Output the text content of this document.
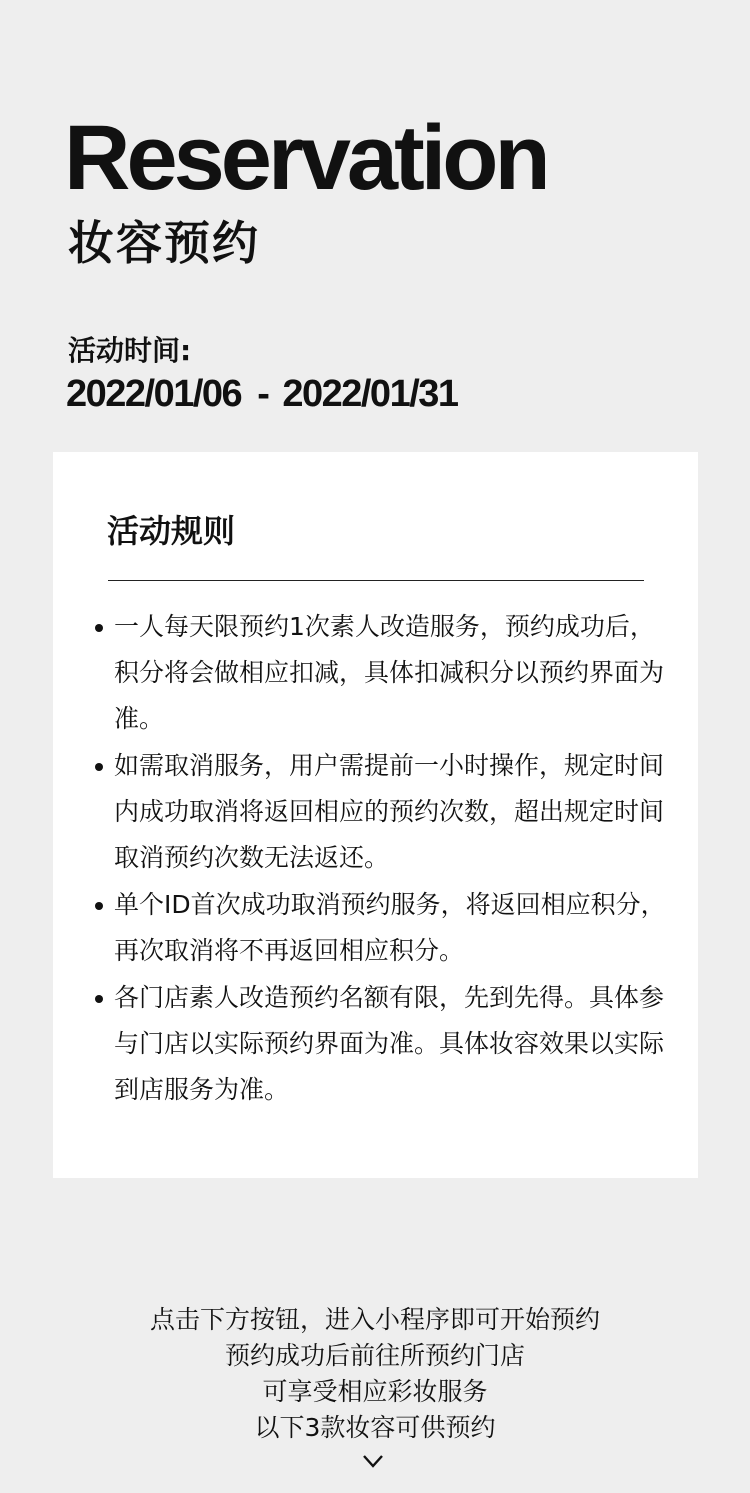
Reservation
妆容预约
活动时间:
2022/01/06 - 2022/01/31
活动规则
一人每天限预约1次素人改造服务，预约成功后，积分将会做相应扣减，具体扣减积分以预约界面为准。
如需取消服务，用户需提前一小时操作，规定时间内成功取消将返回相应的预约次数，超出规定时间取消预约次数无法返还。
单个ID首次成功取消预约服务，将返回相应积分，再次取消将不再返回相应积分。
各门店素人改造预约名额有限，先到先得。具体参与门店以实际预约界面为准。具体妆容效果以实际到店服务为准。
点击下方按钮，进入小程序即可开始预约
预约成功后前往所预约门店
可享受相应彩妆服务
以下3款妆容可供预约
